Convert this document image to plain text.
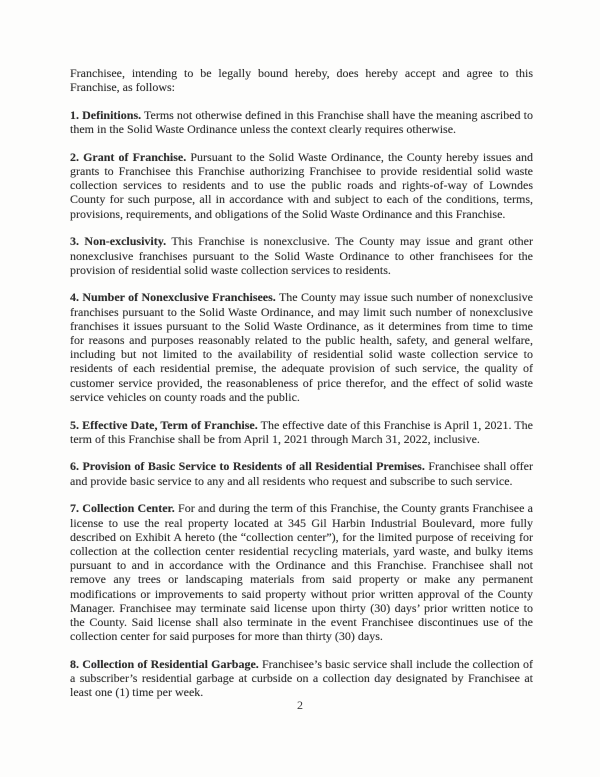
Franchisee, intending to be legally bound hereby, does hereby accept and agree to this Franchise, as follows:

1. Definitions. Terms not otherwise defined in this Franchise shall have the meaning ascribed to them in the Solid Waste Ordinance unless the context clearly requires otherwise.

2. Grant of Franchise. Pursuant to the Solid Waste Ordinance, the County hereby issues and grants to Franchisee this Franchise authorizing Franchisee to provide residential solid waste collection services to residents and to use the public roads and rights-of-way of Lowndes County for such purpose, all in accordance with and subject to each of the conditions, terms, provisions, requirements, and obligations of the Solid Waste Ordinance and this Franchise.

3. Non-exclusivity. This Franchise is nonexclusive. The County may issue and grant other nonexclusive franchises pursuant to the Solid Waste Ordinance to other franchisees for the provision of residential solid waste collection services to residents.

4. Number of Nonexclusive Franchisees. The County may issue such number of nonexclusive franchises pursuant to the Solid Waste Ordinance, and may limit such number of nonexclusive franchises it issues pursuant to the Solid Waste Ordinance, as it determines from time to time for reasons and purposes reasonably related to the public health, safety, and general welfare, including but not limited to the availability of residential solid waste collection service to residents of each residential premise, the adequate provision of such service, the quality of customer service provided, the reasonableness of price therefor, and the effect of solid waste service vehicles on county roads and the public.

5. Effective Date, Term of Franchise. The effective date of this Franchise is April 1, 2021. The term of this Franchise shall be from April 1, 2021 through March 31, 2022, inclusive.

6. Provision of Basic Service to Residents of all Residential Premises. Franchisee shall offer and provide basic service to any and all residents who request and subscribe to such service.

7. Collection Center. For and during the term of this Franchise, the County grants Franchisee a license to use the real property located at 345 Gil Harbin Industrial Boulevard, more fully described on Exhibit A hereto (the “collection center”), for the limited purpose of receiving for collection at the collection center residential recycling materials, yard waste, and bulky items pursuant to and in accordance with the Ordinance and this Franchise. Franchisee shall not remove any trees or landscaping materials from said property or make any permanent modifications or improvements to said property without prior written approval of the County Manager. Franchisee may terminate said license upon thirty (30) days’ prior written notice to the County. Said license shall also terminate in the event Franchisee discontinues use of the collection center for said purposes for more than thirty (30) days.

8. Collection of Residential Garbage. Franchisee’s basic service shall include the collection of a subscriber’s residential garbage at curbside on a collection day designated by Franchisee at least one (1) time per week.

2
